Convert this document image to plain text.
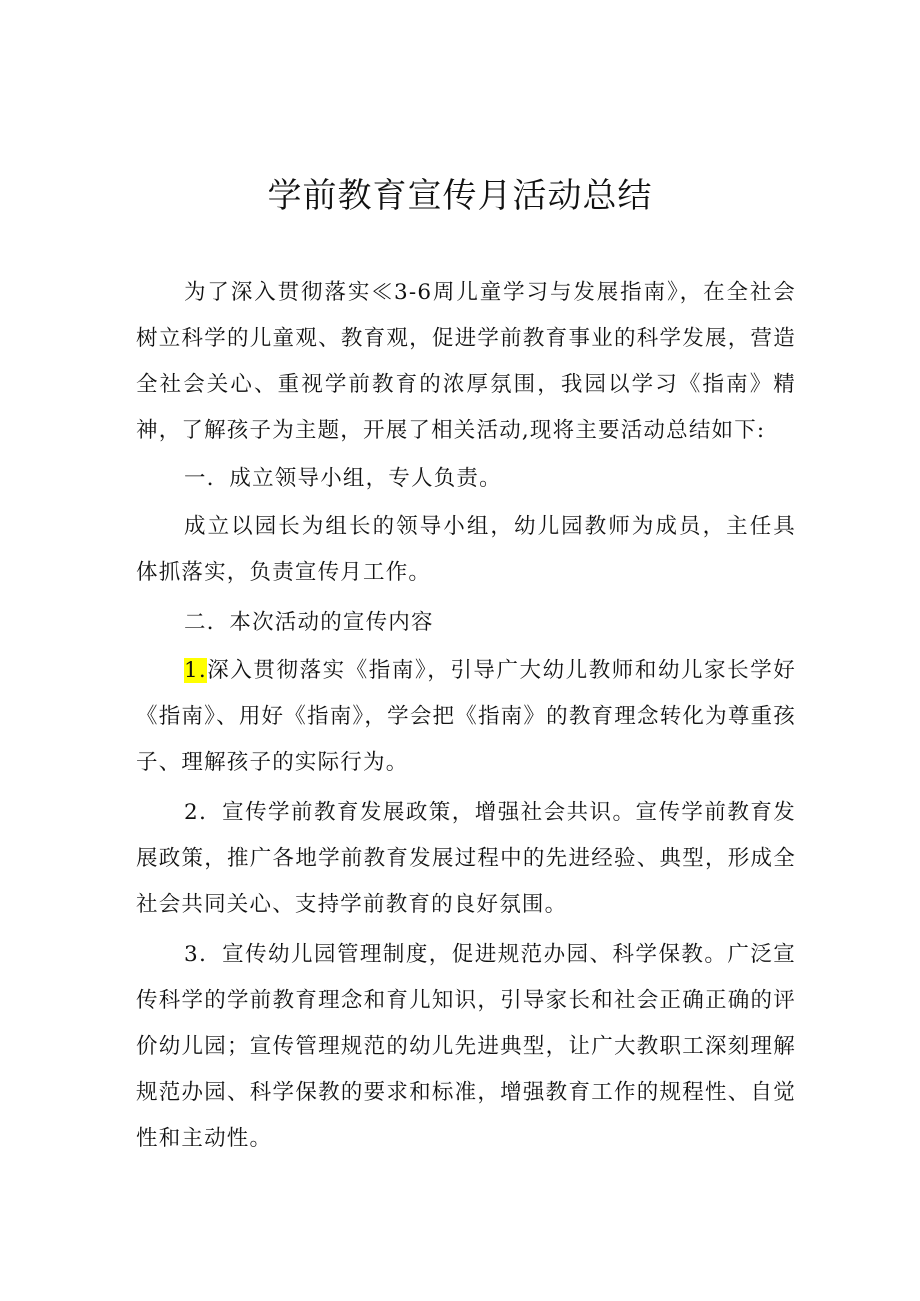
学前教育宣传月活动总结

为了深入贯彻落实≪3-6周儿童学习与发展指南》，在全社会树立科学的儿童观、教育观，促进学前教育事业的科学发展，营造全社会关心、重视学前教育的浓厚氛围，我园以学习《指南》精神，了解孩子为主题，开展了相关活动,现将主要活动总结如下:

一．成立领导小组，专人负责。

成立以园长为组长的领导小组，幼儿园教师为成员，主任具体抓落实，负责宣传月工作。

二．本次活动的宣传内容

1.深入贯彻落实《指南》，引导广大幼儿教师和幼儿家长学好《指南》、用好《指南》，学会把《指南》的教育理念转化为尊重孩子、理解孩子的实际行为。

2．宣传学前教育发展政策，增强社会共识。宣传学前教育发展政策，推广各地学前教育发展过程中的先进经验、典型，形成全社会共同关心、支持学前教育的良好氛围。

3．宣传幼儿园管理制度，促进规范办园、科学保教。广泛宣传科学的学前教育理念和育儿知识，引导家长和社会正确正确的评价幼儿园；宣传管理规范的幼儿先进典型，让广大教职工深刻理解规范办园、科学保教的要求和标准，增强教育工作的规程性、自觉性和主动性。
